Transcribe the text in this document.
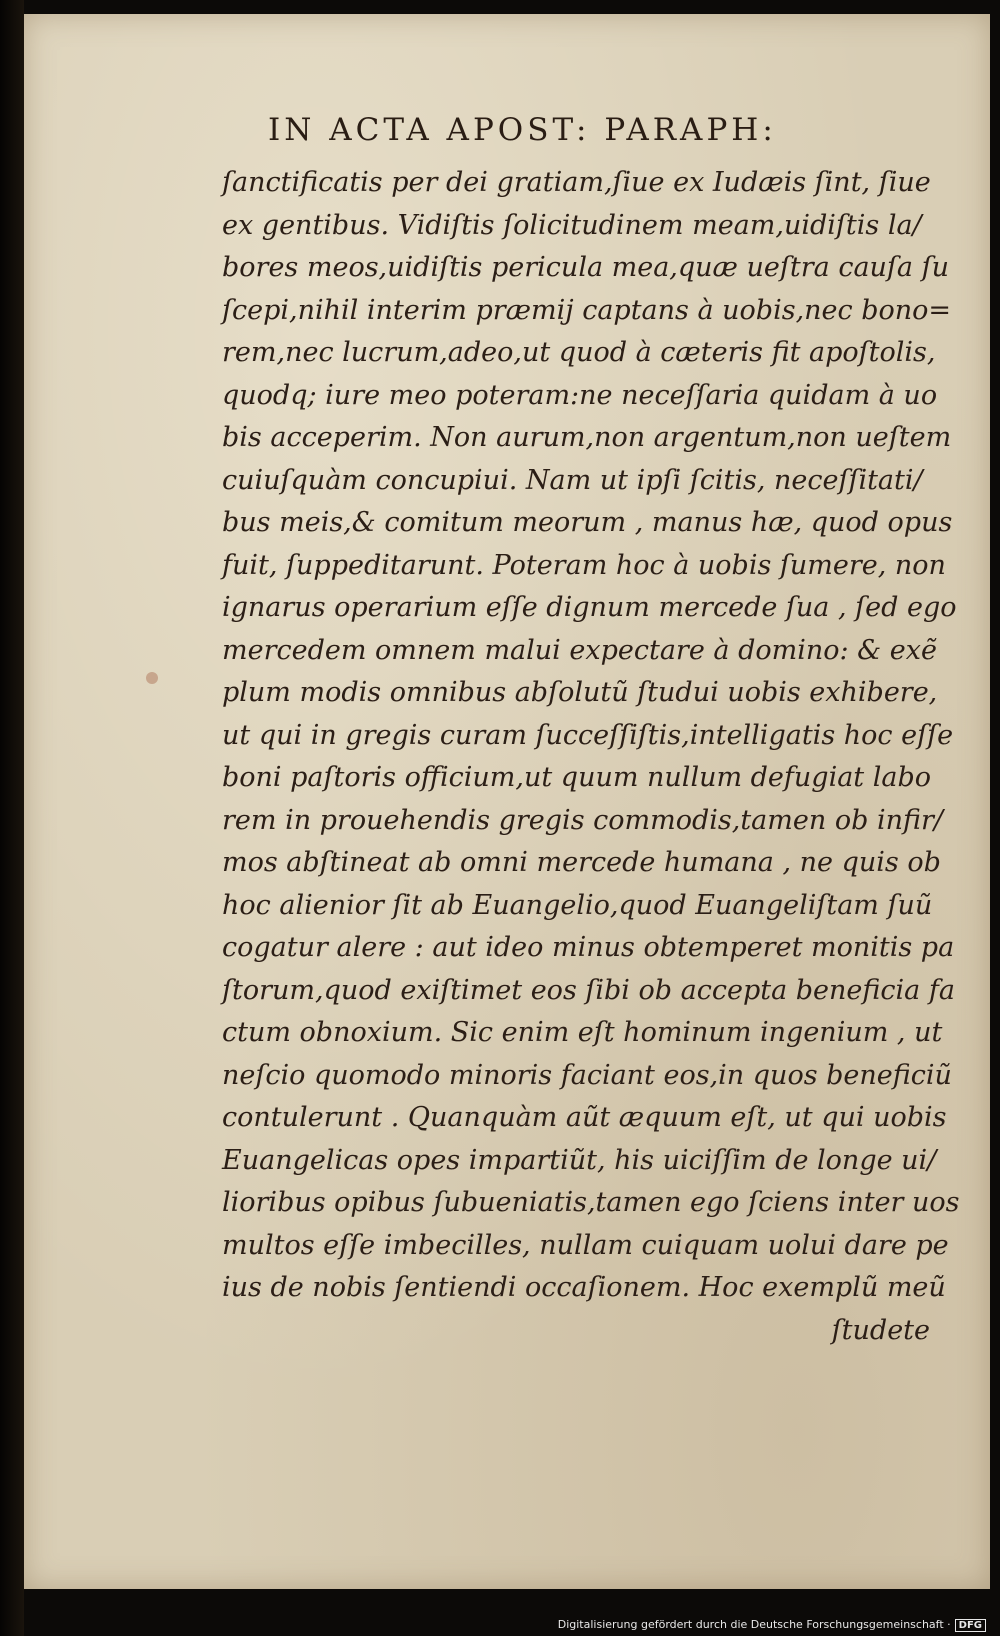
IN ACTA APOST: PARAPH:
ſanctificatis per dei gratiam,ſiue ex Iudæis ſint, ſiue
ex gentibus. Vidiſtis ſolicitudinem meam,uidiſtis la/
bores meos,uidiſtis pericula mea,quæ ueſtra cauſa ſu
ſcepi,nihil interim præmij captans à uobis,nec bono=
rem,nec lucrum,adeo,ut quod à cæteris fit apoſtolis,
quodq; iure meo poteram:ne neceſſaria quidam à uo
bis acceperim. Non aurum,non argentum,non ueſtem
cuiuſquàm concupiui. Nam ut ipſi ſcitis, neceſſitati/
bus meis,& comitum meorum , manus hæ, quod opus
fuit, ſuppeditarunt. Poteram hoc à uobis ſumere, non
ignarus operarium eſſe dignum mercede ſua , ſed ego
mercedem omnem malui expectare à domino: & exẽ
plum modis omnibus abſolutũ ſtudui uobis exhibere,
ut qui in gregis curam ſucceſſiſtis,intelligatis hoc eſſe
boni paſtoris officium,ut quum nullum defugiat labo
rem in prouehendis gregis commodis,tamen ob infir/
mos abſtineat ab omni mercede humana , ne quis ob
hoc alienior ſit ab Euangelio,quod Euangeliſtam ſuũ
cogatur alere : aut ideo minus obtemperet monitis pa
ſtorum,quod exiſtimet eos ſibi ob accepta beneficia fa
ctum obnoxium. Sic enim eſt hominum ingenium , ut
neſcio quomodo minoris faciant eos,in quos beneficiũ
contulerunt . Quanquàm aũt æquum eſt, ut qui uobis
Euangelicas opes impartiũt, his uiciſſim de longe ui/
lioribus opibus ſubueniatis,tamen ego ſciens inter uos
multos eſſe imbecilles, nullam cuiquam uolui dare pe
ius de nobis ſentiendi occaſionem. Hoc exemplũ meũ
ſtudete
Digitalisierung gefördert durch die Deutsche Forschungsgemeinschaft · DFG
